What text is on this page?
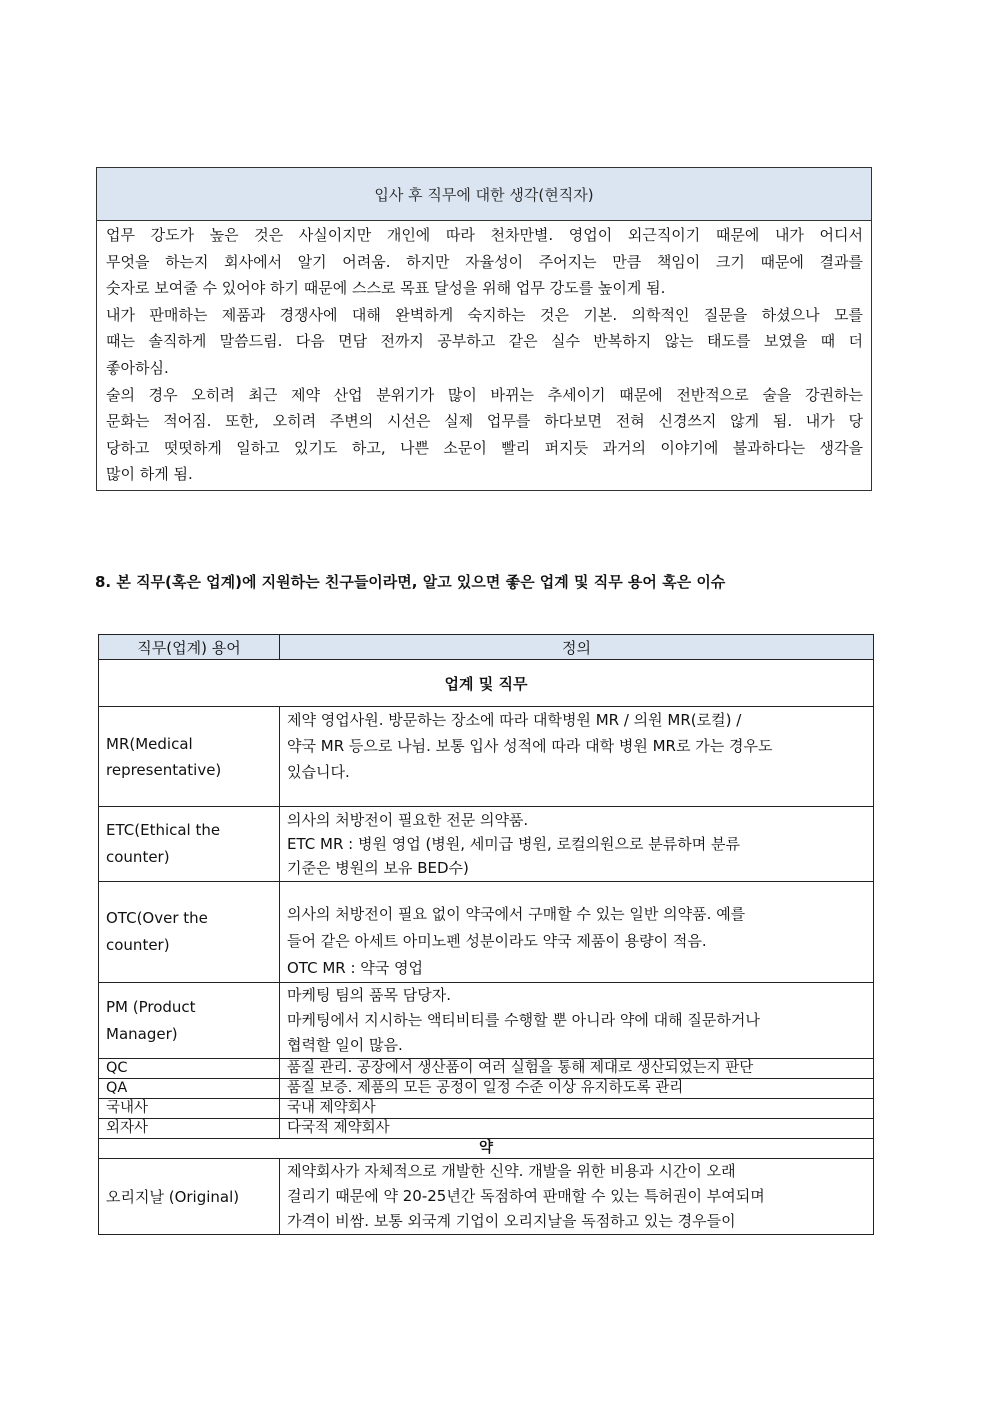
입사 후 직무에 대한 생각(현직자)

업무 강도가 높은 것은 사실이지만 개인에 따라 천차만별. 영업이 외근직이기 때문에 내가 어디서
무엇을 하는지 회사에서 알기 어려움. 하지만 자율성이 주어지는 만큼 책임이 크기 때문에 결과를
숫자로 보여줄 수 있어야 하기 때문에 스스로 목표 달성을 위해 업무 강도를 높이게 됨.

내가 판매하는 제품과 경쟁사에 대해 완벽하게 숙지하는 것은 기본. 의학적인 질문을 하셨으나 모를
때는 솔직하게 말씀드림. 다음 면담 전까지 공부하고 같은 실수 반복하지 않는 태도를 보였을 때 더
좋아하심.

술의 경우 오히려 최근 제약 산업 분위기가 많이 바뀌는 추세이기 때문에 전반적으로 술을 강권하는
문화는 적어짐. 또한, 오히려 주변의 시선은 실제 업무를 하다보면 전혀 신경쓰지 않게 됨. 내가 당
당하고 떳떳하게 일하고 있기도 하고, 나쁜 소문이 빨리 퍼지듯 과거의 이야기에 불과하다는 생각을
많이 하게 됨.

8. 본 직무(혹은 업계)에 지원하는 친구들이라면, 알고 있으면 좋은 업계 및 직무 용어 혹은 이슈
직무(업계) 용어	정의
업계 및 직무	

MR(Medical
representative)	제약 영업사원. 방문하는 장소에 따라 대학병원 MR / 의원 MR(로컬) /
약국 MR 등으로 나뉨. 보통 입사 성적에 따라 대학 병원 MR로 가는 경우도
있습니다.

ETC(Ethical the
counter)	의사의 처방전이 필요한 전문 의약품.
ETC MR : 병원 영업 (병원, 세미급 병원, 로컬의원으로 분류하며 분류
기준은 병원의 보유 BED수)

OTC(Over the
counter)	의사의 처방전이 필요 없이 약국에서 구매할 수 있는 일반 의약품. 예를
들어 같은 아세트 아미노펜 성분이라도 약국 제품이 용량이 적음.
OTC MR : 약국 영업

PM (Product
Manager)	마케팅 팀의 품목 담당자.
마케팅에서 지시하는 액티비티를 수행할 뿐 아니라 약에 대해 질문하거나
협력할 일이 많음.

QC	품질 관리. 공장에서 생산품이 여러 실험을 통해 제대로 생산되었는지 판단
QA	품질 보증. 제품의 모든 공정이 일정 수준 이상 유지하도록 관리
국내사	국내 제약회사
외자사	다국적 제약회사
약	
오리지날 (Original)	제약회사가 자체적으로 개발한 신약. 개발을 위한 비용과 시간이 오래
걸리기 때문에 약 20-25년간 독점하여 판매할 수 있는 특허권이 부여되며
가격이 비쌈. 보통 외국계 기업이 오리지날을 독점하고 있는 경우들이
